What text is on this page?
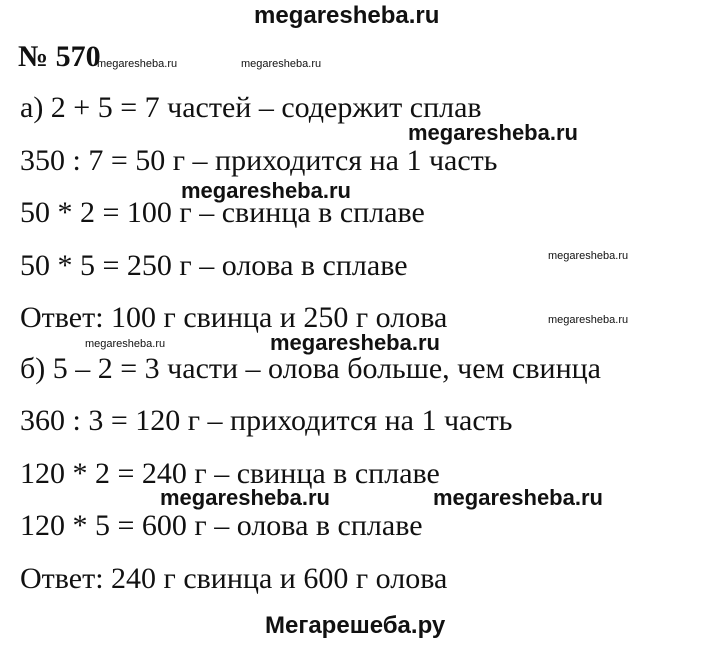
megaresheba.ru
№ 570
megaresheba.ru	megaresheba.ru
а) 2 + 5 = 7 частей – содержит сплав
megaresheba.ru
350 : 7 = 50 г – приходится на 1 часть
megaresheba.ru
50 * 2 = 100 г – свинца в сплаве
megaresheba.ru
50 * 5 = 250 г – олова в сплаве
Ответ: 100 г свинца и 250 г олова	megaresheba.ru
megaresheba.ru
megaresheba.ru
б) 5 – 2 = 3 части – олова больше, чем свинца
360 : 3 = 120 г – приходится на 1 часть
120 * 2 = 240 г – свинца в сплаве
megaresheba.ru	megaresheba.ru
120 * 5 = 600 г – олова в сплаве
Ответ: 240 г свинца и 600 г олова
Мегарешеба.ру
